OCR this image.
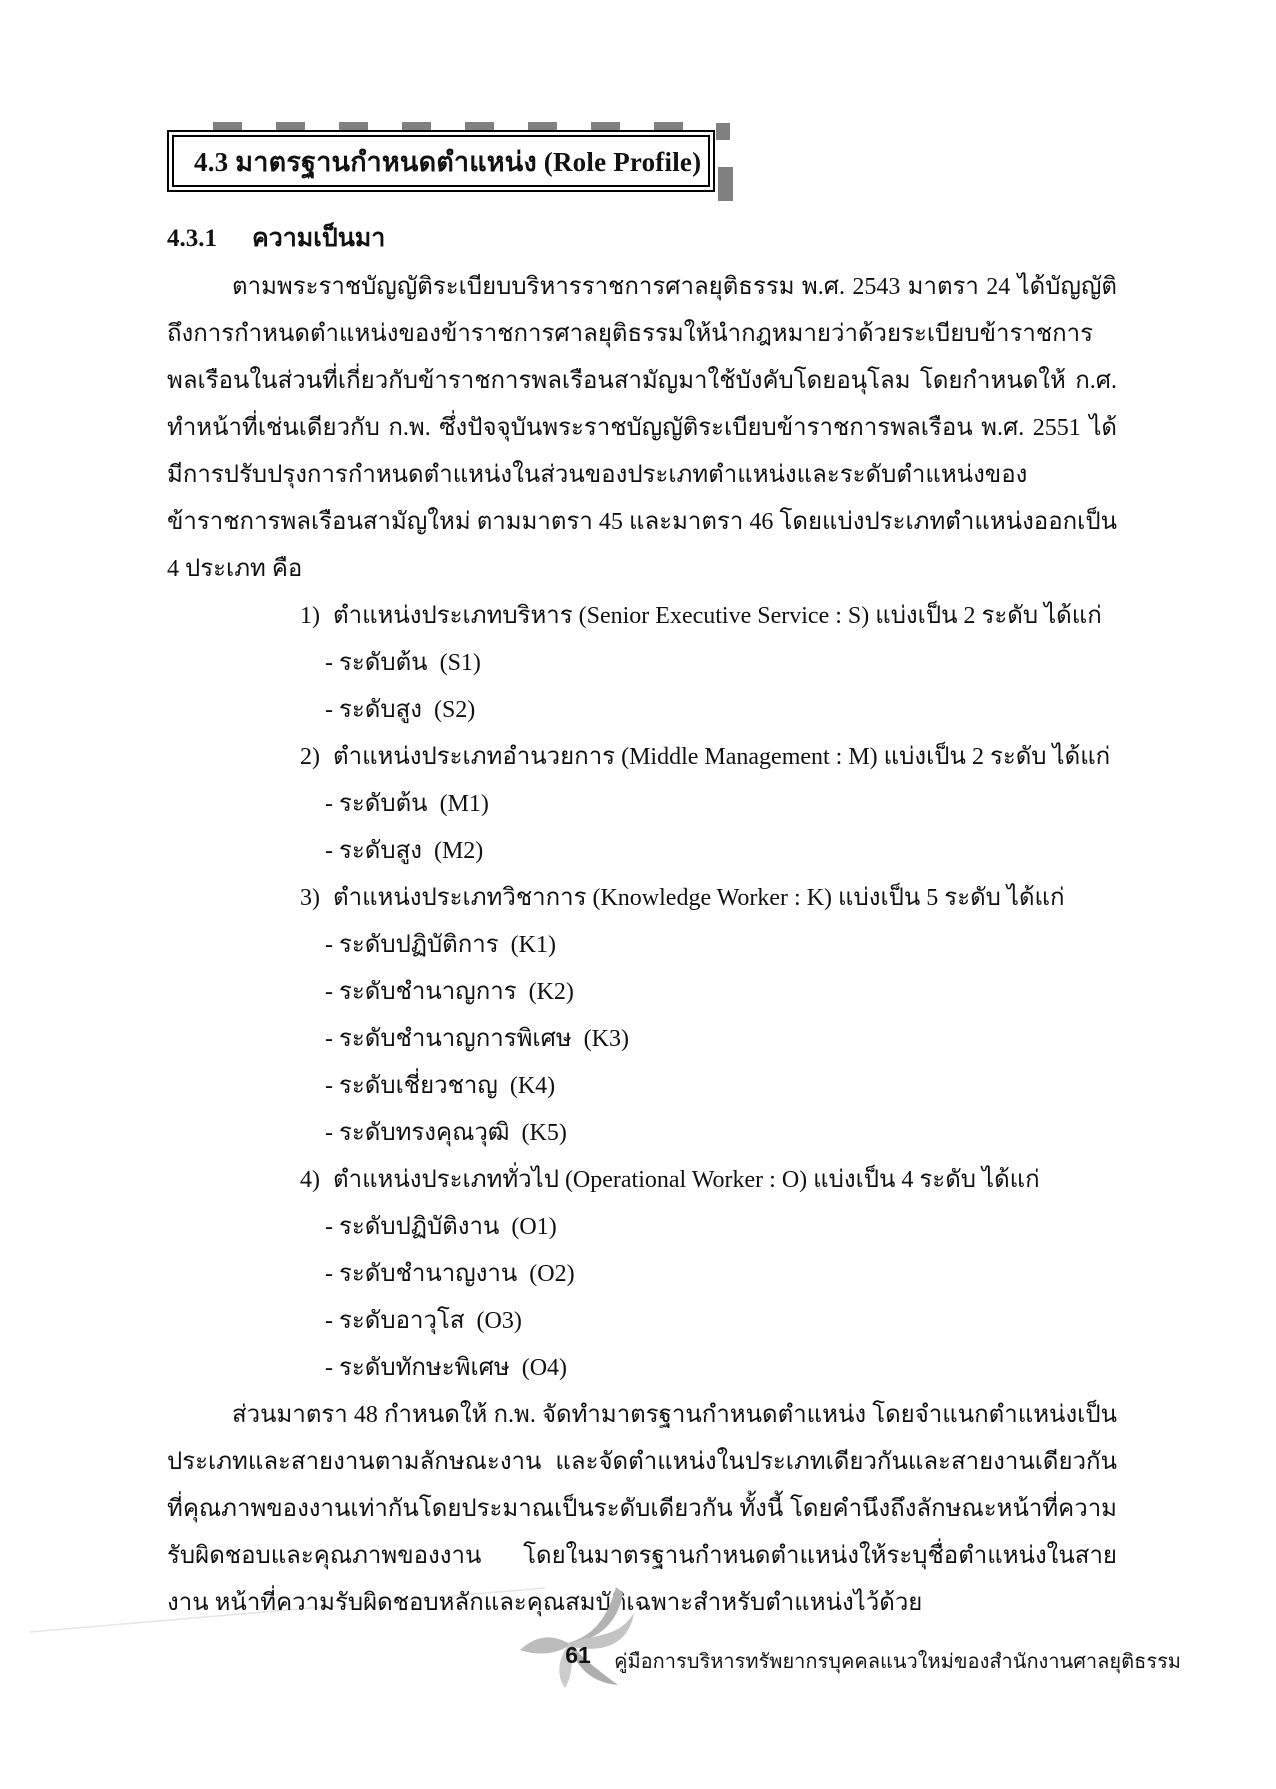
4.3 มาตรฐานกำหนดตำแหน่ง (Role Profile)
4.3.1 ความเป็นมา

ตามพระราชบัญญัติระเบียบบริหารราชการศาลยุติธรรม พ.ศ. 2543 มาตรา 24 ได้บัญญัติถึงการกำหนดตำแหน่งของข้าราชการศาลยุติธรรมให้นำกฎหมายว่าด้วยระเบียบข้าราชการพลเรือนในส่วนที่เกี่ยวกับข้าราชการพลเรือนสามัญมาใช้บังคับโดยอนุโลม โดยกำหนดให้ ก.ศ. ทำหน้าที่เช่นเดียวกับ ก.พ. ซึ่งปัจจุบันพระราชบัญญัติระเบียบข้าราชการพลเรือน พ.ศ. 2551 ได้มีการปรับปรุงการกำหนดตำแหน่งในส่วนของประเภทตำแหน่งและระดับตำแหน่งของข้าราชการพลเรือนสามัญใหม่ ตามมาตรา 45 และมาตรา 46 โดยแบ่งประเภทตำแหน่งออกเป็น 4 ประเภท คือ

1) ตำแหน่งประเภทบริหาร (Senior Executive Service : S) แบ่งเป็น 2 ระดับ ได้แก่
- ระดับต้น  (S1)
- ระดับสูง  (S2)
2) ตำแหน่งประเภทอำนวยการ (Middle Management : M) แบ่งเป็น 2 ระดับ ได้แก่
- ระดับต้น  (M1)
- ระดับสูง  (M2)
3) ตำแหน่งประเภทวิชาการ (Knowledge Worker : K) แบ่งเป็น 5 ระดับ ได้แก่
- ระดับปฏิบัติการ  (K1)
- ระดับชำนาญการ  (K2)
- ระดับชำนาญการพิเศษ  (K3)
- ระดับเชี่ยวชาญ  (K4)
- ระดับทรงคุณวุฒิ  (K5)
4) ตำแหน่งประเภททั่วไป (Operational Worker : O) แบ่งเป็น 4 ระดับ ได้แก่
- ระดับปฏิบัติงาน  (O1)
- ระดับชำนาญงาน  (O2)
- ระดับอาวุโส  (O3)
- ระดับทักษะพิเศษ  (O4)

ส่วนมาตรา 48 กำหนดให้ ก.พ. จัดทำมาตรฐานกำหนดตำแหน่ง โดยจำแนกตำแหน่งเป็นประเภทและสายงานตามลักษณะงาน และจัดตำแหน่งในประเภทเดียวกันและสายงานเดียวกันที่คุณภาพของงานเท่ากันโดยประมาณเป็นระดับเดียวกัน ทั้งนี้ โดยคำนึงถึงลักษณะหน้าที่ความรับผิดชอบและคุณภาพของงาน โดยในมาตรฐานกำหนดตำแหน่งให้ระบุชื่อตำแหน่งในสายงาน หน้าที่ความรับผิดชอบหลักและคุณสมบัติเฉพาะสำหรับตำแหน่งไว้ด้วย

61	คู่มือการบริหารทรัพยากรบุคคลแนวใหม่ของสำนักงานศาลยุติธรรม
